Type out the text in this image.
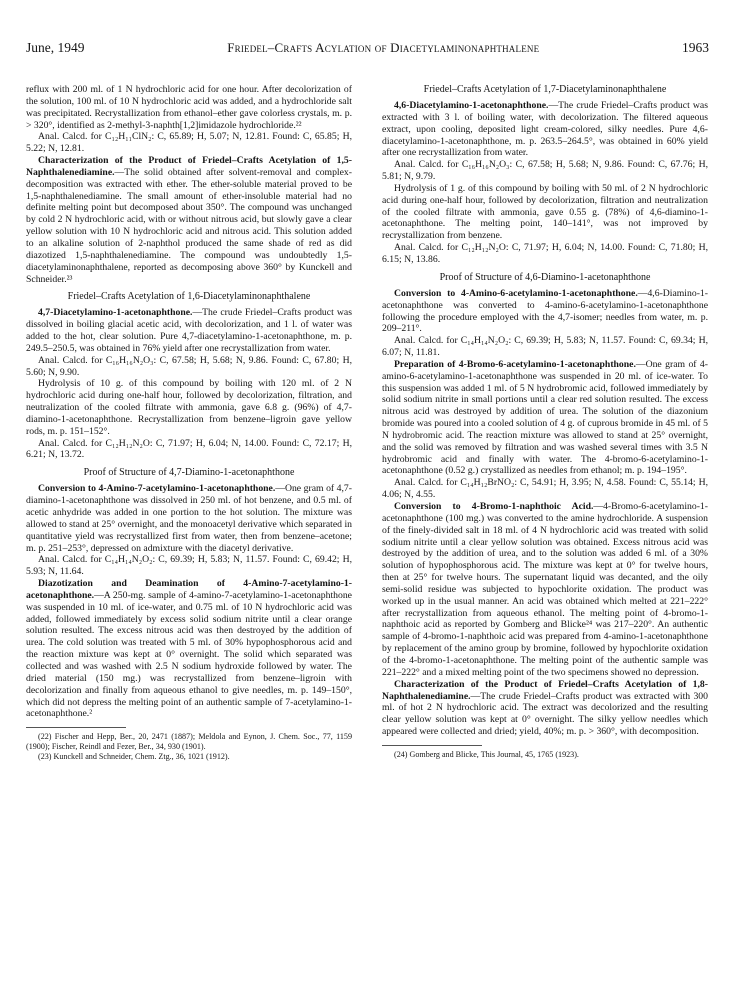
June, 1949	Friedel–Crafts Acylation of Diacetylaminonaphthalene	1963

reflux with 200 ml. of 1 N hydrochloric acid for one hour. After decolorization of the solution, 100 ml. of 10 N hydrochloric acid was added, and a hydrochloride salt was precipitated. Recrystallization from ethanol–ether gave colorless crystals, m. p. > 320°, identified as 2-methyl-3-naphth[1,2]imidazole hydrochloride.²²

Anal. Calcd. for C₁₂H₁₁ClN₂: C, 65.89; H, 5.07; N, 12.81. Found: C, 65.85; H, 5.22; N, 12.81.

Characterization of the Product of Friedel–Crafts Acetylation of 1,5-Naphthalenediamine.—The solid obtained after solvent-removal and complex-decomposition was extracted with ether. The ether-soluble material proved to be 1,5-naphthalenediamine. The small amount of ether-insoluble material had no definite melting point but decomposed about 350°. The compound was unchanged by cold 2 N hydrochloric acid, with or without nitrous acid, but slowly gave a clear yellow solution with 10 N hydrochloric acid and nitrous acid. This solution added to an alkaline solution of 2-naphthol produced the same shade of red as did diazotized 1,5-naphthalenediamine. The compound was undoubtedly 1,5-diacetylaminonaphthalene, reported as decomposing above 360° by Kunckell and Schneider.²³

Friedel–Crafts Acetylation of 1,6-Diacetylaminonaphthalene

4,7-Diacetylamino-1-acetonaphthone.—The crude Friedel–Crafts product was dissolved in boiling glacial acetic acid, with decolorization, and 1 l. of water was added to the hot, clear solution. Pure 4,7-diacetylamino-1-acetonaphthone, m. p. 249.5–250.5, was obtained in 76% yield after one recrystallization from water.

Anal. Calcd. for C₁₆H₁₆N₂O₃: C, 67.58; H, 5.68; N, 9.86. Found: C, 67.80; H, 5.60; N, 9.90.

Hydrolysis of 10 g. of this compound by boiling with 120 ml. of 2 N hydrochloric acid during one-half hour, followed by decolorization, filtration, and neutralization of the cooled filtrate with ammonia, gave 6.8 g. (96%) of 4,7-diamino-1-acetonaphthone. Recrystallization from benzene–ligroin gave yellow rods, m. p. 151–152°.

Anal. Calcd. for C₁₂H₁₂N₂O: C, 71.97; H, 6.04; N, 14.00. Found: C, 72.17; H, 6.21; N, 13.72.

Proof of Structure of 4,7-Diamino-1-acetonaphthone

Conversion to 4-Amino-7-acetylamino-1-acetonaphthone.—One gram of 4,7-diamino-1-acetonaphthone was dissolved in 250 ml. of hot benzene, and 0.5 ml. of acetic anhydride was added in one portion to the hot solution. The mixture was allowed to stand at 25° overnight, and the monoacetyl derivative which separated in quantitative yield was recrystallized first from water, then from benzene–acetone; m. p. 251–253°, depressed on admixture with the diacetyl derivative.

Anal. Calcd. for C₁₄H₁₄N₂O₂: C, 69.39; H, 5.83; N, 11.57. Found: C, 69.42; H, 5.93; N, 11.64.

Diazotization and Deamination of 4-Amino-7-acetylamino-1-acetonaphthone.—A 250-mg. sample of 4-amino-7-acetylamino-1-acetonaphthone was suspended in 10 ml. of ice-water, and 0.75 ml. of 10 N hydrochloric acid was added, followed immediately by excess solid sodium nitrite until a clear orange solution resulted. The excess nitrous acid was then destroyed by the addition of urea. The cold solution was treated with 5 ml. of 30% hypophosphorous acid and the reaction mixture was kept at 0° overnight. The solid which separated was collected and was washed with 2.5 N sodium hydroxide followed by water. The dried material (150 mg.) was recrystallized from benzene–ligroin with decolorization and finally from aqueous ethanol to give needles, m. p. 149–150°, which did not depress the melting point of an authentic sample of 7-acetylamino-1-acetonaphthone.²

(22) Fischer and Hepp, Ber., 20, 2471 (1887); Meldola and Eynon, J. Chem. Soc., 77, 1159 (1900); Fischer, Reindl and Fezer, Ber., 34, 930 (1901).

(23) Kunckell and Schneider, Chem. Ztg., 36, 1021 (1912).

Friedel–Crafts Acetylation of 1,7-Diacetylaminonaphthalene

4,6-Diacetylamino-1-acetonaphthone.—The crude Friedel–Crafts product was extracted with 3 l. of boiling water, with decolorization. The filtered aqueous extract, upon cooling, deposited light cream-colored, silky needles. Pure 4,6-diacetylamino-1-acetonaphthone, m. p. 263.5–264.5°, was obtained in 60% yield after one recrystallization from water.

Anal. Calcd. for C₁₆H₁₆N₂O₃: C, 67.58; H, 5.68; N, 9.86. Found: C, 67.76; H, 5.81; N, 9.79.

Hydrolysis of 1 g. of this compound by boiling with 50 ml. of 2 N hydrochloric acid during one-half hour, followed by decolorization, filtration and neutralization of the cooled filtrate with ammonia, gave 0.55 g. (78%) of 4,6-diamino-1-acetonaphthone. The melting point, 140–141°, was not improved by recrystallization from benzene.

Anal. Calcd. for C₁₂H₁₂N₂O: C, 71.97; H, 6.04; N, 14.00. Found: C, 71.80; H, 6.15; N, 13.86.

Proof of Structure of 4,6-Diamino-1-acetonaphthone

Conversion to 4-Amino-6-acetylamino-1-acetonaphthone.—4,6-Diamino-1-acetonaphthone was converted to 4-amino-6-acetylamino-1-acetonaphthone following the procedure employed with the 4,7-isomer; needles from water, m. p. 209–211°.

Anal. Calcd. for C₁₄H₁₄N₂O₂: C, 69.39; H, 5.83; N, 11.57. Found: C, 69.34; H, 6.07; N, 11.81.

Preparation of 4-Bromo-6-acetylamino-1-acetonaphthone.—One gram of 4-amino-6-acetylamino-1-acetonaphthone was suspended in 20 ml. of ice-water. To this suspension was added 1 ml. of 5 N hydrobromic acid, followed immediately by solid sodium nitrite in small portions until a clear red solution resulted. The excess nitrous acid was destroyed by addition of urea. The solution of the diazonium bromide was poured into a cooled solution of 4 g. of cuprous bromide in 45 ml. of 5 N hydrobromic acid. The reaction mixture was allowed to stand at 25° overnight, and the solid was removed by filtration and was washed several times with 3.5 N hydrobromic acid and finally with water. The 4-bromo-6-acetylamino-1-acetonaphthone (0.52 g.) crystallized as needles from ethanol; m. p. 194–195°.

Anal. Calcd. for C₁₄H₁₂BrNO₂: C, 54.91; H, 3.95; N, 4.58. Found: C, 55.14; H, 4.06; N, 4.55.

Conversion to 4-Bromo-1-naphthoic Acid.—4-Bromo-6-acetylamino-1-acetonaphthone (100 mg.) was converted to the amine hydrochloride. A suspension of the finely-divided salt in 18 ml. of 4 N hydrochloric acid was treated with solid sodium nitrite until a clear yellow solution was obtained. Excess nitrous acid was destroyed by the addition of urea, and to the solution was added 6 ml. of a 30% solution of hypophosphorous acid. The mixture was kept at 0° for twelve hours, then at 25° for twelve hours. The supernatant liquid was decanted, and the oily semi-solid residue was subjected to hypochlorite oxidation. The product was worked up in the usual manner. An acid was obtained which melted at 221–222° after recrystallization from aqueous ethanol. The melting point of 4-bromo-1-naphthoic acid as reported by Gomberg and Blicke²⁴ was 217–220°. An authentic sample of 4-bromo-1-naphthoic acid was prepared from 4-amino-1-acetonaphthone by replacement of the amino group by bromine, followed by hypochlorite oxidation of the 4-bromo-1-acetonaphthone. The melting point of the authentic sample was 221–222° and a mixed melting point of the two specimens showed no depression.

Characterization of the Product of Friedel–Crafts Acetylation of 1,8-Naphthalenediamine.—The crude Friedel–Crafts product was extracted with 300 ml. of hot 2 N hydrochloric acid. The extract was decolorized and the resulting clear yellow solution was kept at 0° overnight. The silky yellow needles which appeared were collected and dried; yield, 40%; m. p. > 360°, with decomposition.

(24) Gomberg and Blicke, This Journal, 45, 1765 (1923).
